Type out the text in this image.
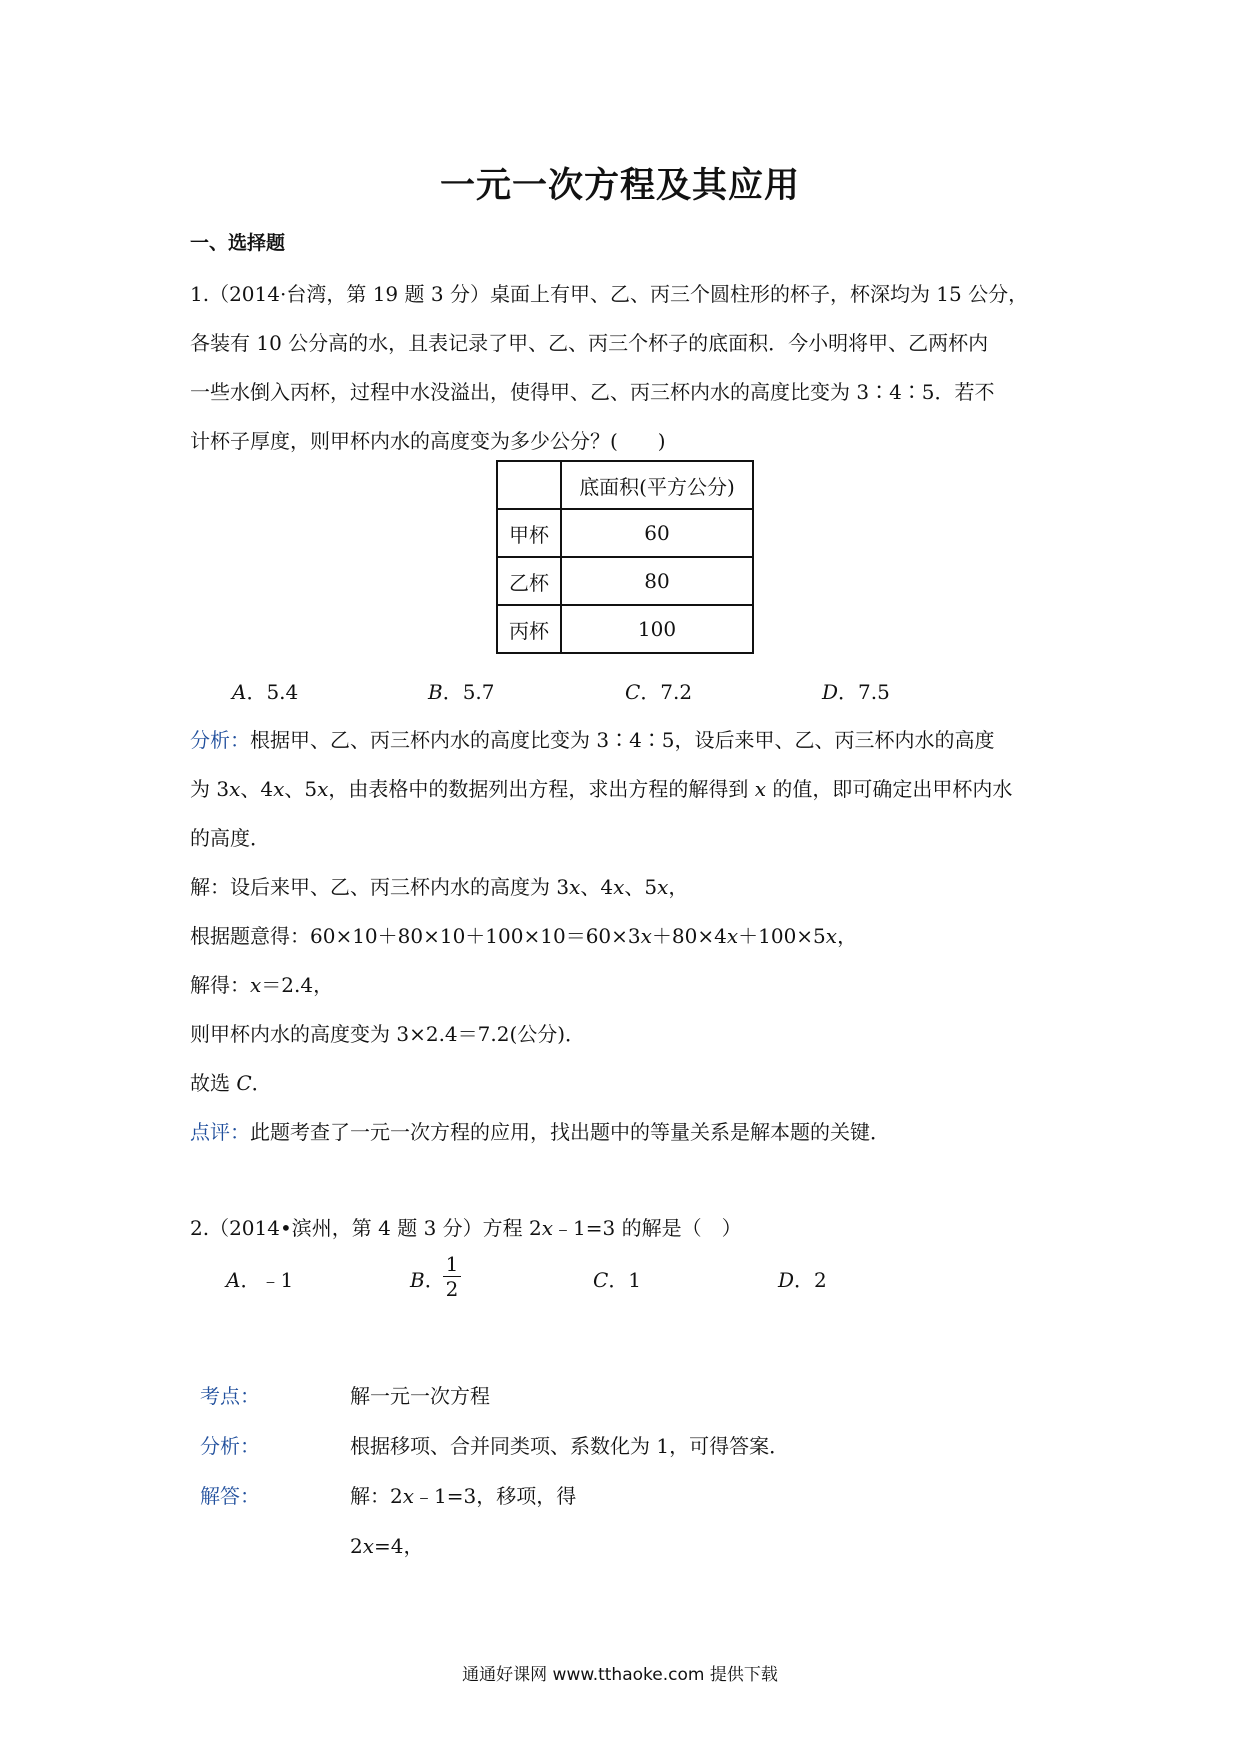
一元一次方程及其应用
一、选择题
1.（2014·台湾，第 19 题 3 分）桌面上有甲、乙、丙三个圆柱形的杯子，杯深均为 15 公分，
各装有 10 公分高的水，且表记录了甲、乙、丙三个杯子的底面积．今小明将甲、乙两杯内
一些水倒入丙杯，过程中水没溢出，使得甲、乙、丙三杯内水的高度比变为 3∶4∶5．若不
计杯子厚度，则甲杯内水的高度变为多少公分？(　　)
	底面积(平方公分)
甲杯	60
乙杯	80
丙杯	100
A．5.4	B．5.7	C．7.2	D．7.5
分析：根据甲、乙、丙三杯内水的高度比变为 3∶4∶5，设后来甲、乙、丙三杯内水的高度
为 3x、4x、5x，由表格中的数据列出方程，求出方程的解得到 x 的值，即可确定出甲杯内水
的高度．
解：设后来甲、乙、丙三杯内水的高度为 3x、4x、5x，
根据题意得：60×10＋80×10＋100×10＝60×3x＋80×4x＋100×5x，
解得：x＝2.4，
则甲杯内水的高度变为 3×2.4＝7.2(公分)．
故选 C．
点评：此题考查了一元一次方程的应用，找出题中的等量关系是解本题的关键．
2.（2014•滨州，第 4 题 3 分）方程 2x﹣1=3 的解是（　）
A．﹣1	B．
1
2	C．1	D．2
考点：	解一元一次方程
分析：	根据移项、合并同类项、系数化为 1，可得答案．
解答：	解：2x﹣1=3，移项，得
2x=4，
通通好课网 www.tthaoke.com 提供下载
